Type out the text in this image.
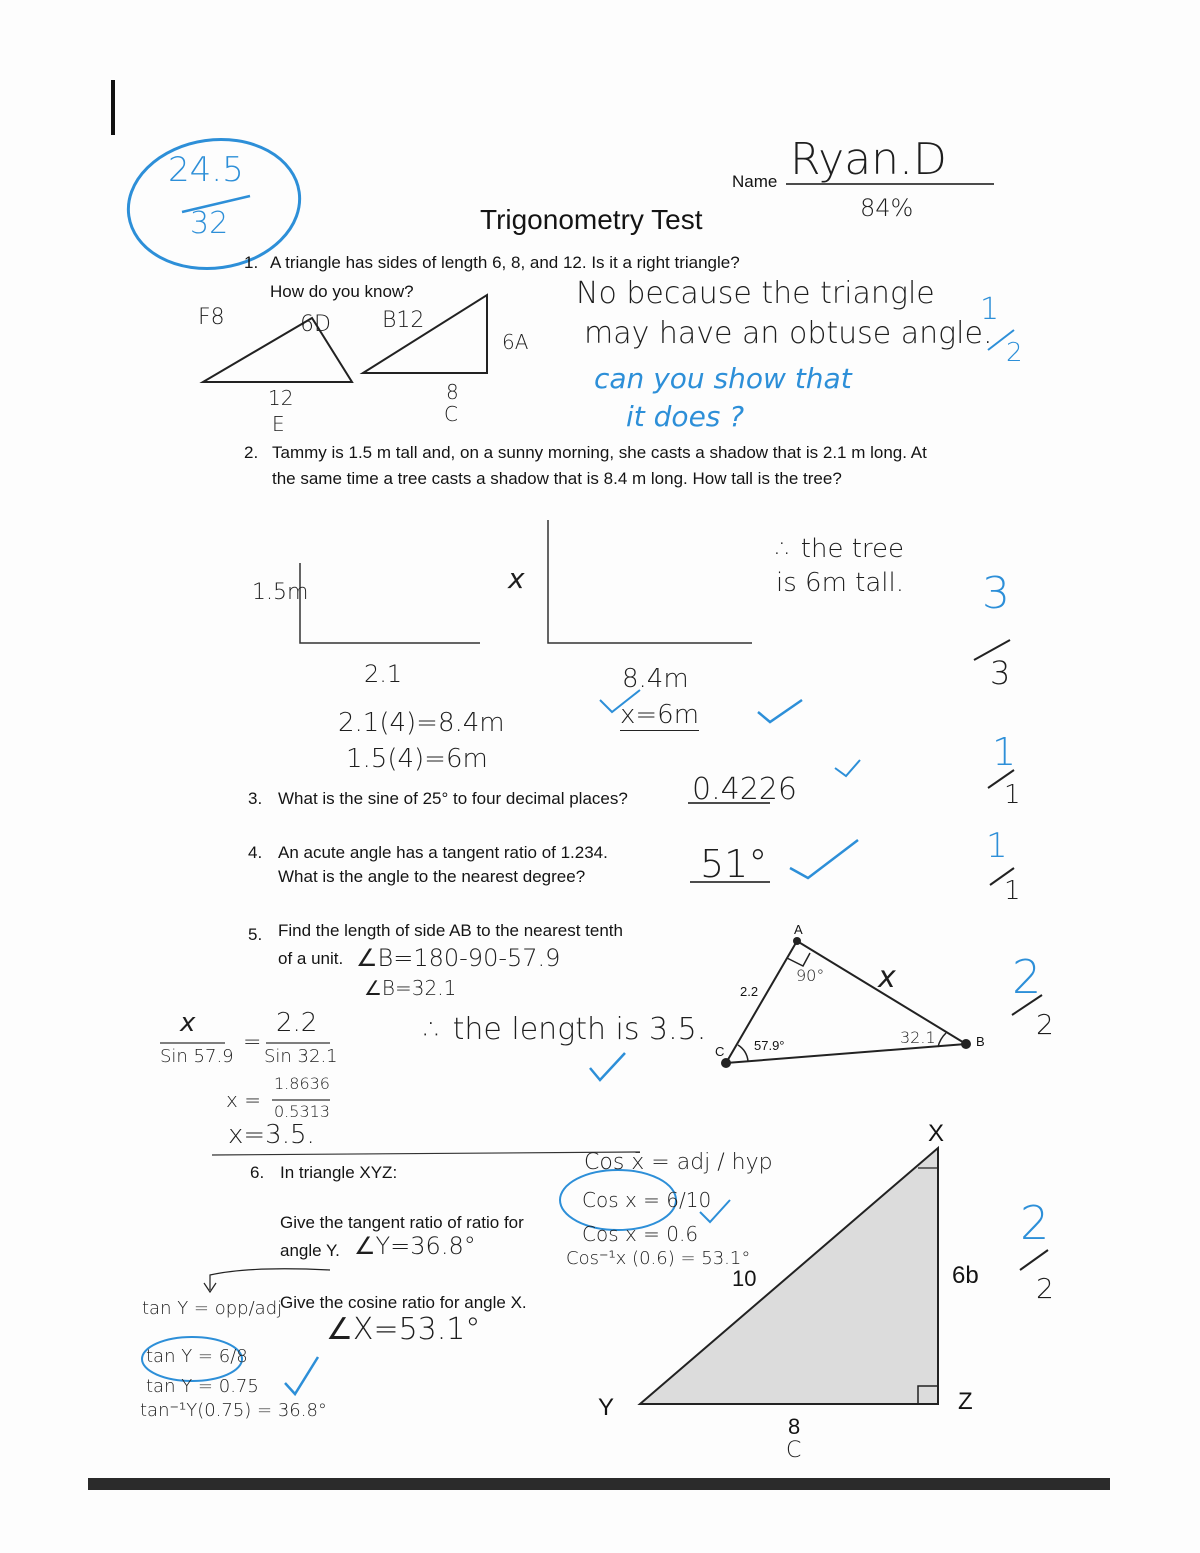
24.5
32
Name Ryan.D
84%
Trigonometry Test
1. A triangle has sides of length 6, 8, and 12. Is it a right triangle?
How do you know?
F8	6D B12
6A
12
E
8
C
No because the triangle
may have an obtuse angle.
can you show that
it does ?
1
2
2. Tammy is 1.5 m tall and, on a sunny morning, she casts a shadow that is 2.1 m long. At
the same time a tree casts a shadow that is 8.4 m long. How tall is the tree?
1.5m	x
2.1	8.4m
2.1(4)=8.4m
1.5(4)=6m
x=6m
∴ the tree
is 6m tall. 3
3
3. What is the sine of 25° to four decimal places? 0.4226
1
1
4. An acute angle has a tangent ratio of 1.234.
What is the angle to the nearest degree?	51°	1
1
5. Find the length of side AB to the nearest tenth
of a unit. ∠B=180-90-57.9
∠B=32.1
x
Sin 57.9
=
2.2
Sin 32.1
x =
1.8636
0.5313
x=3.5.
∴ the length is 3.5.
A
B
C
2.2	x
90°
57.9°	32.1
2
2
6. In triangle XYZ:
Give the tangent ratio of ratio for
angle Y. ∠Y=36.8°
Give the cosine ratio for angle X.
∠X=53.1°
Cos x = adj / hyp
Cos x = 6/10
Cos x = 0.6
Cos⁻¹x (0.6) = 53.1°
tan Y = opp/adj
tan Y = 6/8
tan Y = 0.75
tan⁻¹Y(0.75) = 36.8°
X
Y	Z
10	6b
8
C
2
2
